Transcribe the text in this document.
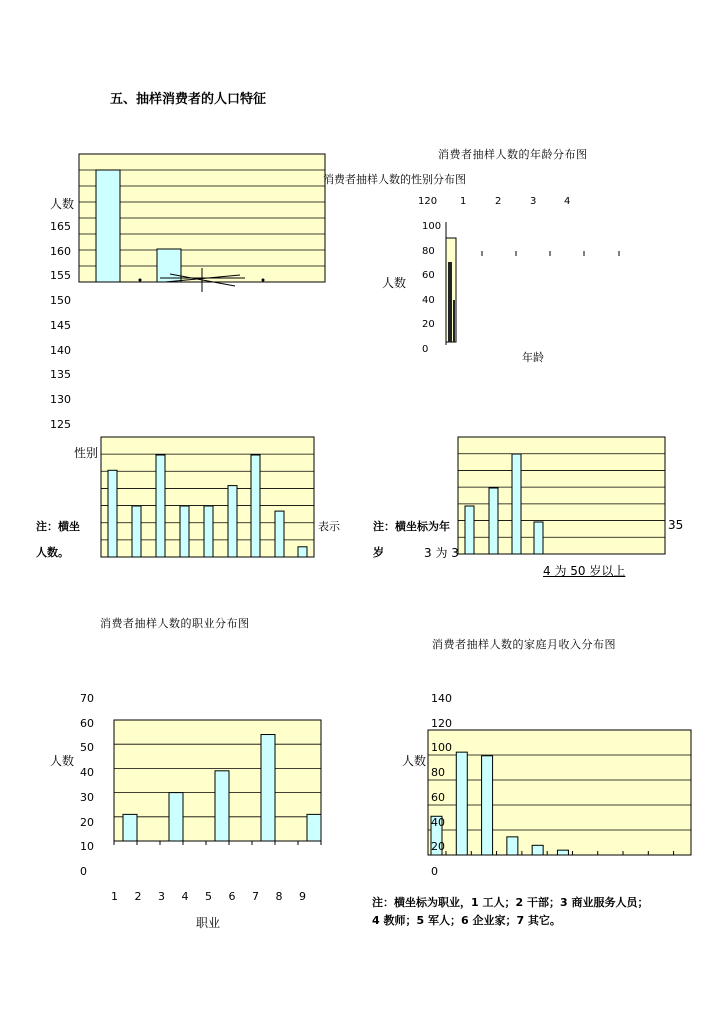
五、抽样消费者的人口特征
消费者抽样人数的性别分布图
人数
165
160
155
150
145
140
135
130
125
性别
消费者抽样人数的年龄分布图
120 1	2	3	4
人数
100
80
60
40
20
0
年龄
注：横坐	表示
人数。
注：横坐标为年	35
岁	3 为 3
4 为 50 岁以上
消费者抽样人数的职业分布图
人数
70
60
50
40
30
20
10
0
1 2 3 4 5 6 7 8 9
职业
消费者抽样人数的家庭月收入分布图
人数
140
120
100
80
60
40
20
0
注：横坐标为职业，1 工人；2 干部；3 商业服务人员；
4 教师；5 军人；6 企业家；7 其它。
